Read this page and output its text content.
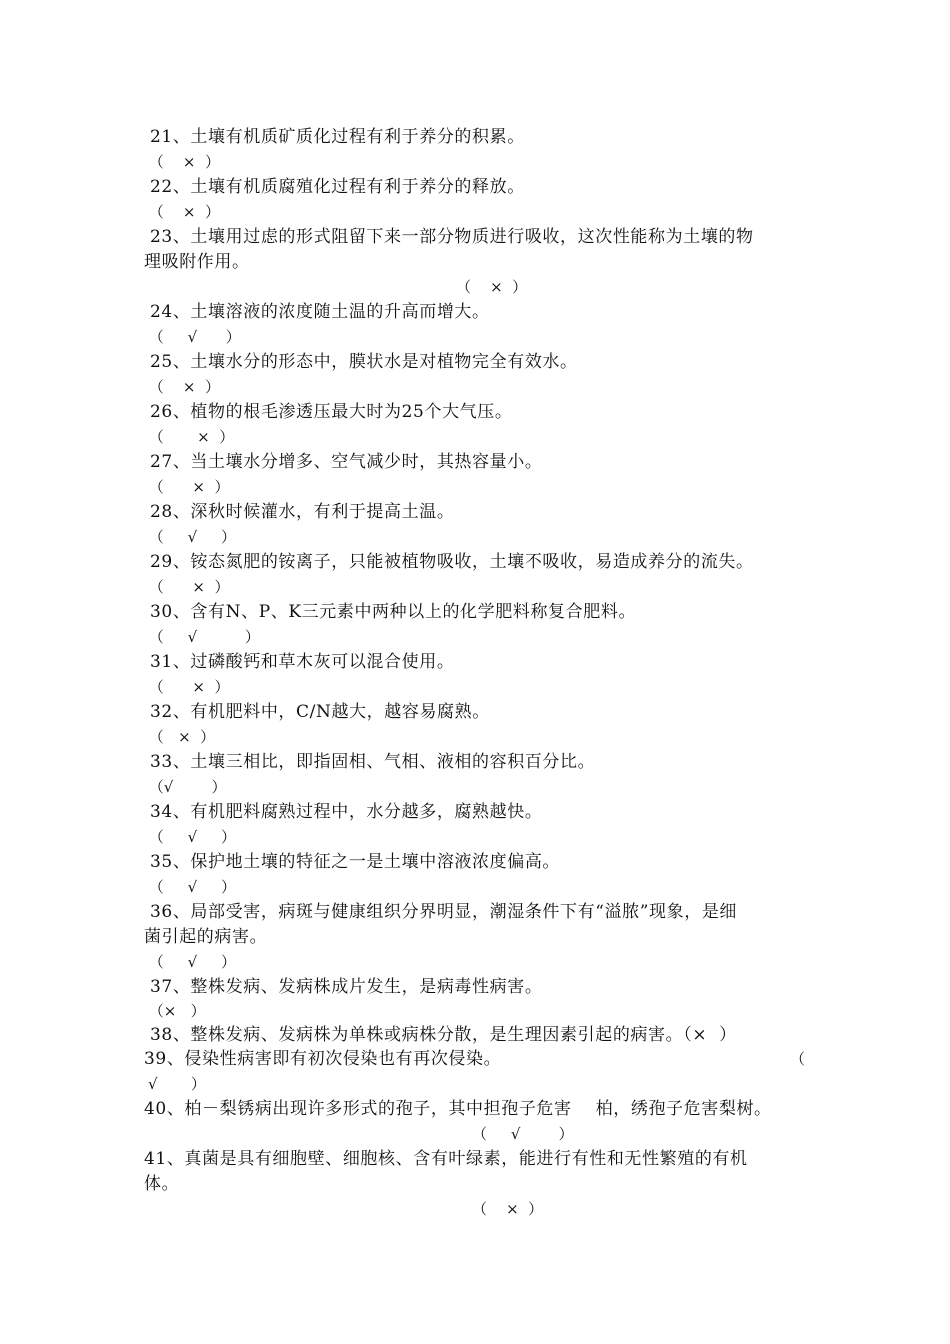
21、土壤有机质矿质化过程有利于养分的积累。
（    ×  ）
22、土壤有机质腐殖化过程有利于养分的释放。
（    ×  ）
23、土壤用过虑的形式阻留下来一部分物质进行吸收，这次性能称为土壤的物
理吸附作用。
（    ×  ）
24、土壤溶液的浓度随土温的升高而增大。
（     √      ）
25、土壤水分的形态中，膜状水是对植物完全有效水。
（    ×  ）
26、植物的根毛渗透压最大时为25个大气压。
（       ×  ）
27、当土壤水分增多、空气减少时，其热容量小。
（      ×  ）
28、深秋时候灌水，有利于提高土温。
（     √     ）
29、铵态氮肥的铵离子，只能被植物吸收，土壤不吸收，易造成养分的流失。
（      ×  ）
30、含有N、P、K三元素中两种以上的化学肥料称复合肥料。
（     √          ）
31、过磷酸钙和草木灰可以混合使用。
（      ×  ）
32、有机肥料中，C/N越大，越容易腐熟。
（   ×  ）
33、土壤三相比，即指固相、气相、液相的容积百分比。
（√        ）
34、有机肥料腐熟过程中，水分越多，腐熟越快。
（     √     ）
35、保护地土壤的特征之一是土壤中溶液浓度偏高。
（     √     ）
36、局部受害，病斑与健康组织分界明显，潮湿条件下有“溢脓”现象，是细
菌引起的病害。
（     √     ）
37、整株发病、发病株成片发生，是病毒性病害。
（×   ）
38、整株发病、发病株为单株或病株分散，是生理因素引起的病害。（×  ）
39、侵染性病害即有初次侵染也有再次侵染。	（
√       ）
40、柏－梨锈病出现许多形式的孢子，其中担孢子危害    柏，绣孢子危害梨树。
（     √        ）
41、真菌是具有细胞壁、细胞核、含有叶绿素，能进行有性和无性繁殖的有机
体。
（    ×  ）
